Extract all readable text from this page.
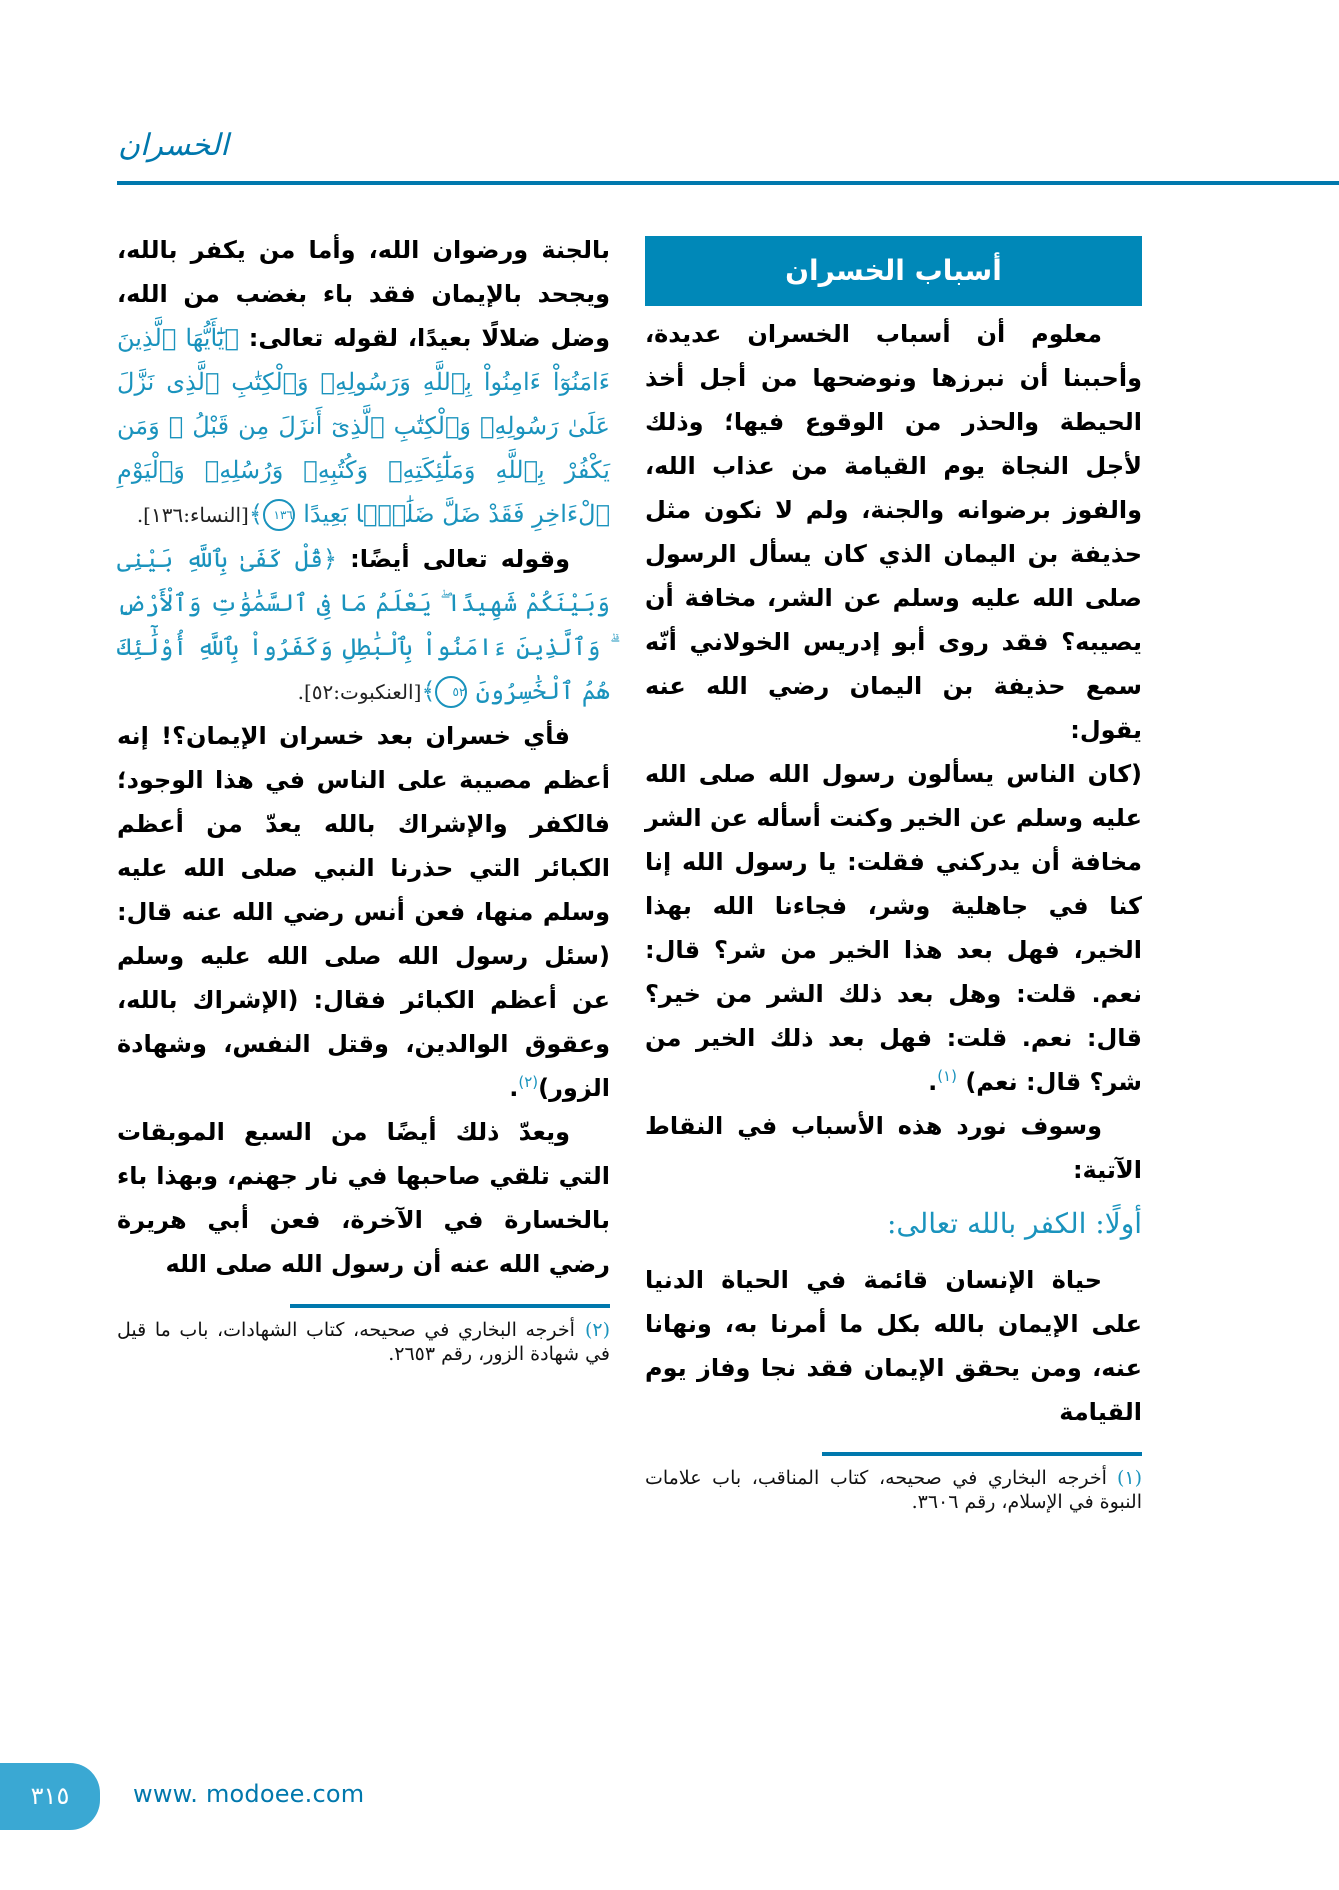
الخسران
أسباب الخسران

معلوم أن أسباب الخسران عديدة، وأحببنا أن نبرزها ونوضحها من أجل أخذ الحيطة والحذر من الوقوع فيها؛ وذلك لأجل النجاة يوم القيامة من عذاب الله، والفوز برضوانه والجنة، ولم لا نكون مثل حذيفة بن اليمان الذي كان يسأل الرسول صلى الله عليه وسلم عن الشر، مخافة أن يصيبه؟ فقد روى أبو إدريس الخولاني أنّه سمع حذيفة بن اليمان رضي الله عنه يقول:

(كان الناس يسألون رسول الله صلى الله عليه وسلم عن الخير وكنت أسأله عن الشر مخافة أن يدركني فقلت: يا رسول الله إنا كنا في جاهلية وشر، فجاءنا الله بهذا الخير، فهل بعد هذا الخير من شر؟ قال: نعم. قلت: وهل بعد ذلك الشر من خير؟ قال: نعم. قلت: فهل بعد ذلك الخير من شر؟ قال: نعم) $^{(١)}$.

وسوف نورد هذه الأسباب في النقاط الآتية:

أولًا: الكفر بالله تعالى:

حياة الإنسان قائمة في الحياة الدنيا على الإيمان بالله بكل ما أمرنا به، ونهانا عنه، ومن يحقق الإيمان فقد نجا وفاز يوم القيامة

(١)أخرجه البخاري في صحيحه، كتاب المناقب، باب علامات النبوة في الإسلام، رقم ٣٦٠٦.

بالجنة ورضوان الله، وأما من يكفر بالله، ويجحد بالإيمان فقد باء بغضب من الله، وضل ضلالًا بعيدًا، لقوله تعالى: ﴿يَٰٓأَيُّهَا ٱلَّذِينَ ءَامَنُوٓاْ ءَامِنُواْ بِٱللَّهِ وَرَسُولِهِۦ وَٱلْكِتَٰبِ ٱلَّذِى نَزَّلَ عَلَىٰ رَسُولِهِۦ وَٱلْكِتَٰبِ ٱلَّذِىٓ أَنزَلَ مِن قَبْلُ ۚ وَمَن يَكْفُرْ بِٱللَّهِ وَمَلَٰٓئِكَتِهِۦ وَكُتُبِهِۦ وَرُسُلِهِۦ وَٱلْيَوْمِ ٱلْءَاخِرِ فَقَدْ ضَلَّ ضَلَٰلًۢا بَعِيدًا ١٣٦﴾[النساء:١٣٦].

وقوله تعالى أيضًا: ﴿قُلْ كَفَىٰ بِٱللَّهِ بَيْنِى وَبَيْنَكُمْ شَهِيدًا ۖ يَعْلَمُ مَا فِى ٱلسَّمَٰوَٰتِ وَٱلْأَرْضِ ۗ وَٱلَّذِينَ ءَامَنُواْ بِٱلْبَٰطِلِ وَكَفَرُواْ بِٱللَّهِ أُوْلَٰٓئِكَ هُمُ ٱلْخَٰسِرُونَ ٥٢﴾[العنكبوت:٥٢].

فأي خسران بعد خسران الإيمان؟! إنه أعظم مصيبة على الناس في هذا الوجود؛ فالكفر والإشراك بالله يعدّ من أعظم الكبائر التي حذرنا النبي صلى الله عليه وسلم منها، فعن أنس رضي الله عنه قال: (سئل رسول الله صلى الله عليه وسلم عن أعظم الكبائر فقال: (الإشراك بالله، وعقوق الوالدين، وقتل النفس، وشهادة الزور)$^{(٢)}$.

ويعدّ ذلك أيضًا من السبع الموبقات التي تلقي صاحبها في نار جهنم، وبهذا باء بالخسارة في الآخرة، فعن أبي هريرة رضي الله عنه أن رسول الله صلى الله

(٢)أخرجه البخاري في صحيحه، كتاب الشهادات، باب ما قيل في شهادة الزور، رقم ٢٦٥٣.
٣١٥	www. modoee.com
